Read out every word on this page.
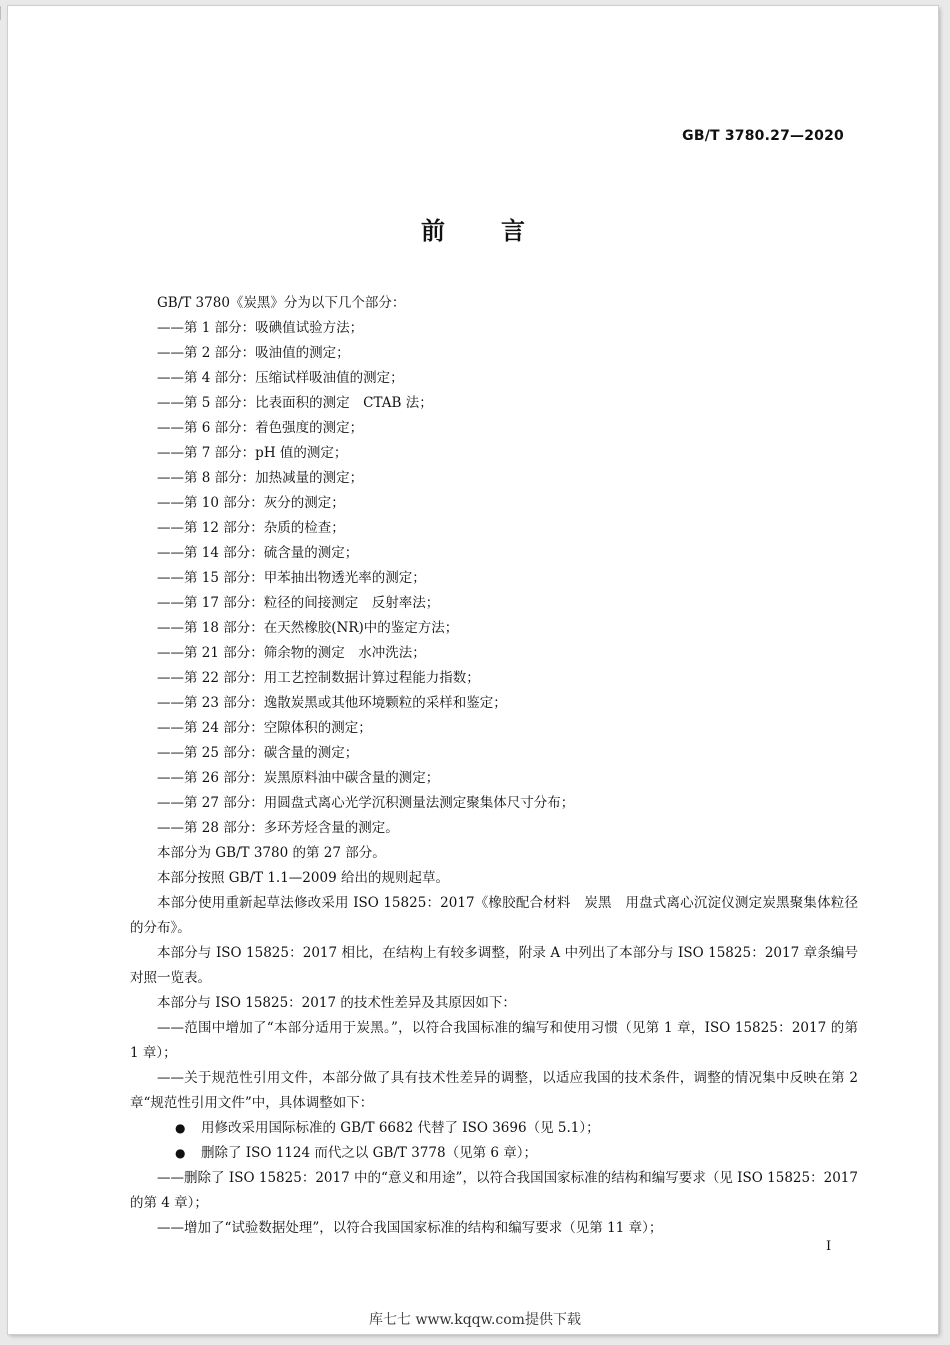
GB/T 3780.27—2020
前言
GB/T 3780《炭黑》分为以下几个部分：
——第 1 部分：吸碘值试验方法；
——第 2 部分：吸油值的测定；
——第 4 部分：压缩试样吸油值的测定；
——第 5 部分：比表面积的测定　CTAB 法；
——第 6 部分：着色强度的测定；
——第 7 部分：pH 值的测定；
——第 8 部分：加热减量的测定；
——第 10 部分：灰分的测定；
——第 12 部分：杂质的检查；
——第 14 部分：硫含量的测定；
——第 15 部分：甲苯抽出物透光率的测定；
——第 17 部分：粒径的间接测定　反射率法；
——第 18 部分：在天然橡胶(NR)中的鉴定方法；
——第 21 部分：筛余物的测定　水冲洗法；
——第 22 部分：用工艺控制数据计算过程能力指数；
——第 23 部分：逸散炭黑或其他环境颗粒的采样和鉴定；
——第 24 部分：空隙体积的测定；
——第 25 部分：碳含量的测定；
——第 26 部分：炭黑原料油中碳含量的测定；
——第 27 部分：用圆盘式离心光学沉积测量法测定聚集体尺寸分布；
——第 28 部分：多环芳烃含量的测定。
本部分为 GB/T 3780 的第 27 部分。
本部分按照 GB/T 1.1—2009 给出的规则起草。
本部分使用重新起草法修改采用 ISO 15825：2017《橡胶配合材料　炭黑　用盘式离心沉淀仪测定炭黑聚集体粒径的分布》。
本部分与 ISO 15825：2017 相比，在结构上有较多调整，附录 A 中列出了本部分与 ISO 15825：2017 章条编号对照一览表。
本部分与 ISO 15825：2017 的技术性差异及其原因如下：
——范围中增加了“本部分适用于炭黑。”，以符合我国标准的编写和使用习惯（见第 1 章，ISO 15825：2017 的第 1 章）；
——关于规范性引用文件，本部分做了具有技术性差异的调整，以适应我国的技术条件，调整的情况集中反映在第 2 章“规范性引用文件”中，具体调整如下：
● 用修改采用国际标准的 GB/T 6682 代替了 ISO 3696（见 5.1）；
● 删除了 ISO 1124 而代之以 GB/T 3778（见第 6 章）；
——删除了 ISO 15825：2017 中的“意义和用途”，以符合我国国家标准的结构和编写要求（见 ISO 15825：2017 的第 4 章）；
——增加了“试验数据处理”，以符合我国国家标准的结构和编写要求（见第 11 章）；
I
库七七 www.kqqw.com提供下载
